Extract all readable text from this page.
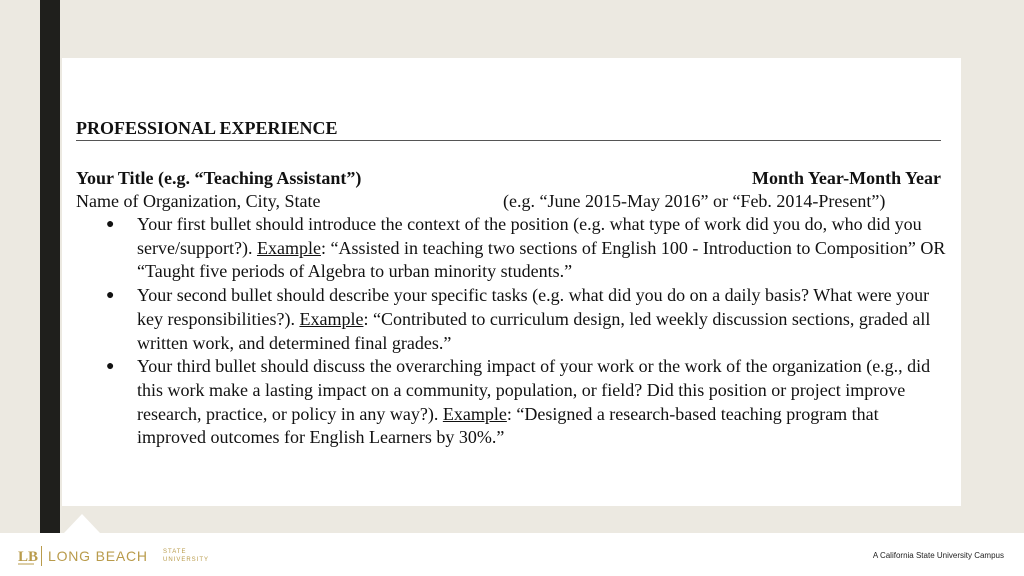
PROFESSIONAL EXPERIENCE
Your Title (e.g. “Teaching Assistant”)	Month Year-Month Year
Name of Organization, City, State	(e.g. “June 2015-May 2016” or “Feb. 2014-Present”)
● Your first bullet should introduce the context of the position (e.g. what type of work did you do, who did you serve/support?). Example: “Assisted in teaching two sections of English 100 - Introduction to Composition” OR “Taught five periods of Algebra to urban minority students.”
● Your second bullet should describe your specific tasks (e.g. what did you do on a daily basis? What were your key responsibilities?). Example: “Contributed to curriculum design, led weekly discussion sections, graded all written work, and determined final grades.”
● Your third bullet should discuss the overarching impact of your work or the work of the organization (e.g., did this work make a lasting impact on a community, population, or field? Did this position or project improve research, practice, or policy in any way?). Example: “Designed a research-based teaching program that improved outcomes for English Learners by 30%.”
LB LONG BEACH	STATE
UNIVERSITY	A California State University Campus
